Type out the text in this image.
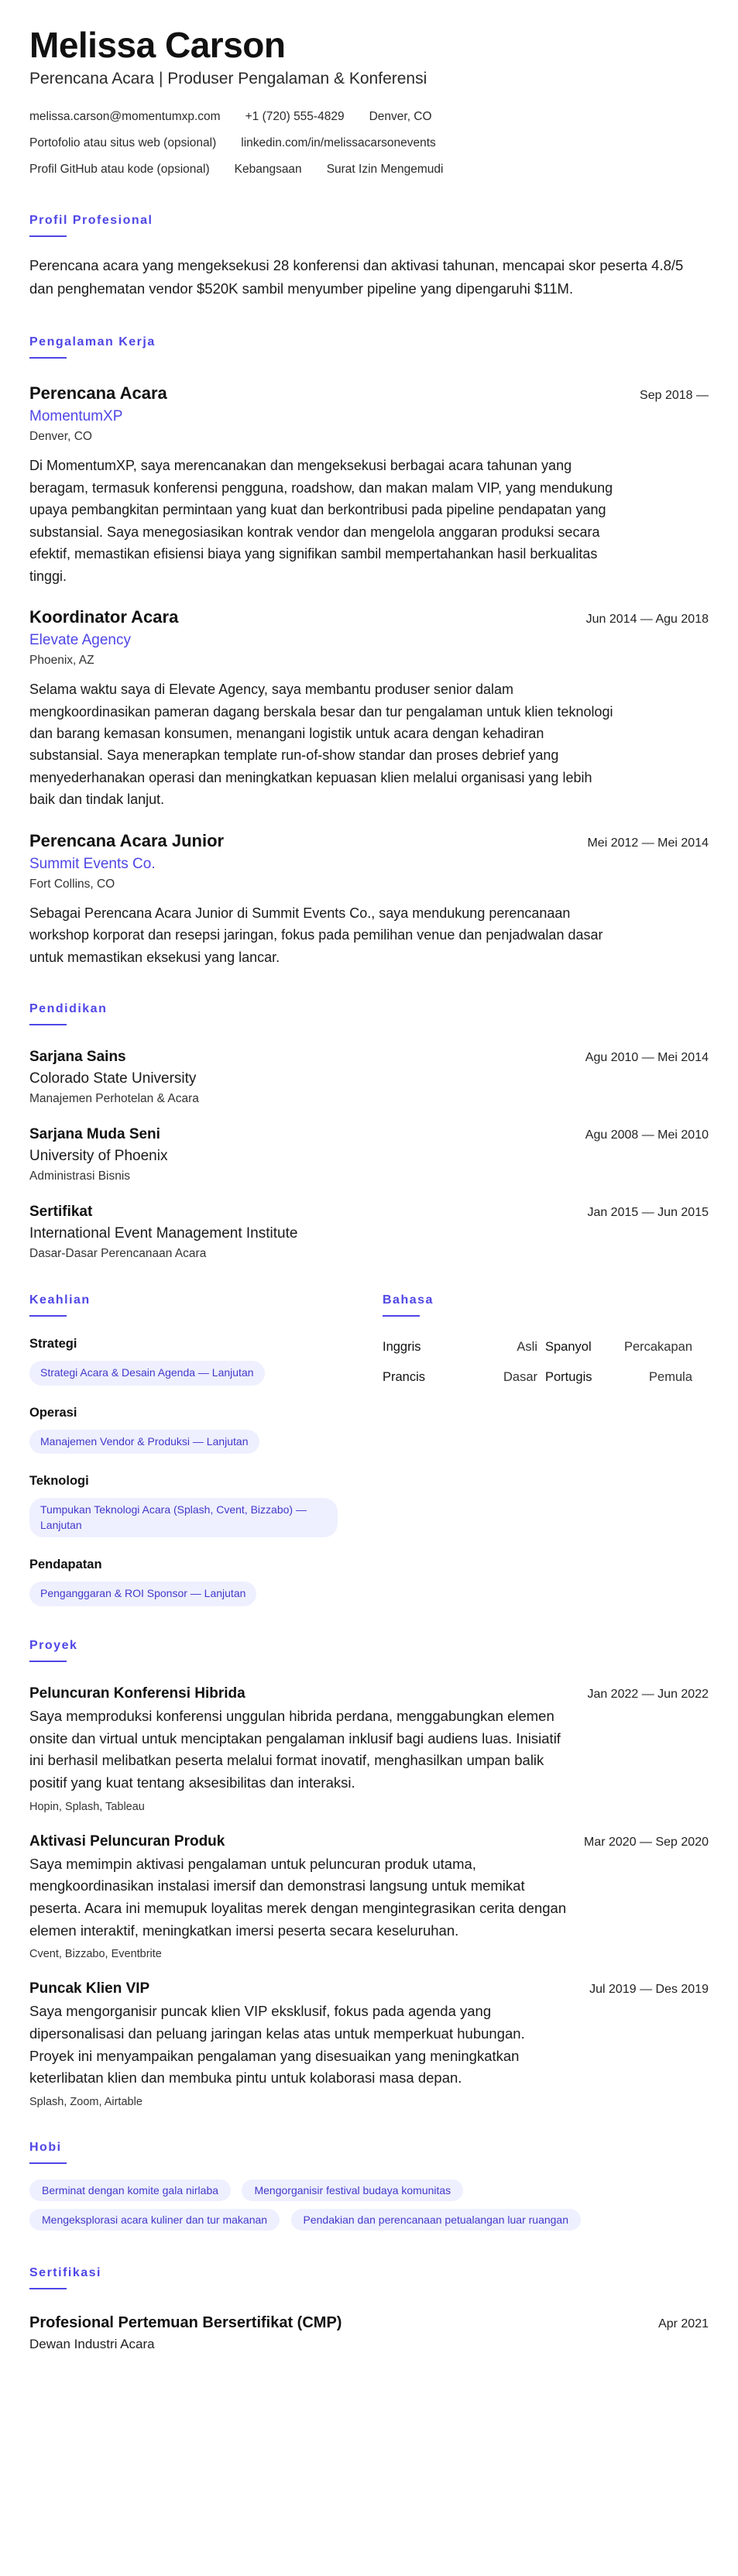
Melissa Carson
Perencana Acara | Produser Pengalaman & Konferensi
melissa.carson@momentumxp.com +1 (720) 555-4829 Denver, CO
Portofolio atau situs web (opsional) linkedin.com/in/melissacarsonevents
Profil GitHub atau kode (opsional) Kebangsaan Surat Izin Mengemudi
Profil Profesional
Perencana acara yang mengeksekusi 28 konferensi dan aktivasi tahunan, mencapai skor peserta 4.8/5 dan penghematan vendor $520K sambil menyumber pipeline yang dipengaruhi $11M.
Pengalaman Kerja
Perencana Acara	Sep 2018 —
MomentumXP
Denver, CO
Di MomentumXP, saya merencanakan dan mengeksekusi berbagai acara tahunan yang beragam, termasuk konferensi pengguna, roadshow, dan makan malam VIP, yang mendukung upaya pembangkitan permintaan yang kuat dan berkontribusi pada pipeline pendapatan yang substansial. Saya menegosiasikan kontrak vendor dan mengelola anggaran produksi secara efektif, memastikan efisiensi biaya yang signifikan sambil mempertahankan hasil berkualitas tinggi.
Koordinator Acara	Jun 2014 — Agu 2018
Elevate Agency
Phoenix, AZ
Selama waktu saya di Elevate Agency, saya membantu produser senior dalam mengkoordinasikan pameran dagang berskala besar dan tur pengalaman untuk klien teknologi dan barang kemasan konsumen, menangani logistik untuk acara dengan kehadiran substansial. Saya menerapkan template run-of-show standar dan proses debrief yang menyederhanakan operasi dan meningkatkan kepuasan klien melalui organisasi yang lebih baik dan tindak lanjut.
Perencana Acara Junior	Mei 2012 — Mei 2014
Summit Events Co.
Fort Collins, CO
Sebagai Perencana Acara Junior di Summit Events Co., saya mendukung perencanaan workshop korporat dan resepsi jaringan, fokus pada pemilihan venue dan penjadwalan dasar untuk memastikan eksekusi yang lancar.
Pendidikan
Sarjana Sains	Agu 2010 — Mei 2014
Colorado State University
Manajemen Perhotelan & Acara
Sarjana Muda Seni	Agu 2008 — Mei 2010
University of Phoenix
Administrasi Bisnis
Sertifikat	Jan 2015 — Jun 2015
International Event Management Institute
Dasar-Dasar Perencanaan Acara
Keahlian
Strategi
Strategi Acara & Desain Agenda — Lanjutan
Operasi
Manajemen Vendor & Produksi — Lanjutan
Teknologi
Tumpukan Teknologi Acara (Splash, Cvent, Bizzabo) — Lanjutan
Pendapatan
Penganggaran & ROI Sponsor — Lanjutan
Bahasa
Inggris	Asli Spanyol	Percakapan
Prancis	Dasar Portugis	Pemula
Proyek
Peluncuran Konferensi Hibrida	Jan 2022 — Jun 2022
Saya memproduksi konferensi unggulan hibrida perdana, menggabungkan elemen onsite dan virtual untuk menciptakan pengalaman inklusif bagi audiens luas. Inisiatif ini berhasil melibatkan peserta melalui format inovatif, menghasilkan umpan balik positif yang kuat tentang aksesibilitas dan interaksi.
Hopin, Splash, Tableau
Aktivasi Peluncuran Produk	Mar 2020 — Sep 2020
Saya memimpin aktivasi pengalaman untuk peluncuran produk utama, mengkoordinasikan instalasi imersif dan demonstrasi langsung untuk memikat peserta. Acara ini memupuk loyalitas merek dengan mengintegrasikan cerita dengan elemen interaktif, meningkatkan imersi peserta secara keseluruhan.
Cvent, Bizzabo, Eventbrite
Puncak Klien VIP	Jul 2019 — Des 2019
Saya mengorganisir puncak klien VIP eksklusif, fokus pada agenda yang dipersonalisasi dan peluang jaringan kelas atas untuk memperkuat hubungan. Proyek ini menyampaikan pengalaman yang disesuaikan yang meningkatkan keterlibatan klien dan membuka pintu untuk kolaborasi masa depan.
Splash, Zoom, Airtable
Hobi
Berminat dengan komite gala nirlaba	Mengorganisir festival budaya komunitas
Mengeksplorasi acara kuliner dan tur makanan	Pendakian dan perencanaan petualangan luar ruangan
Sertifikasi
Profesional Pertemuan Bersertifikat (CMP)	Apr 2021
Dewan Industri Acara
